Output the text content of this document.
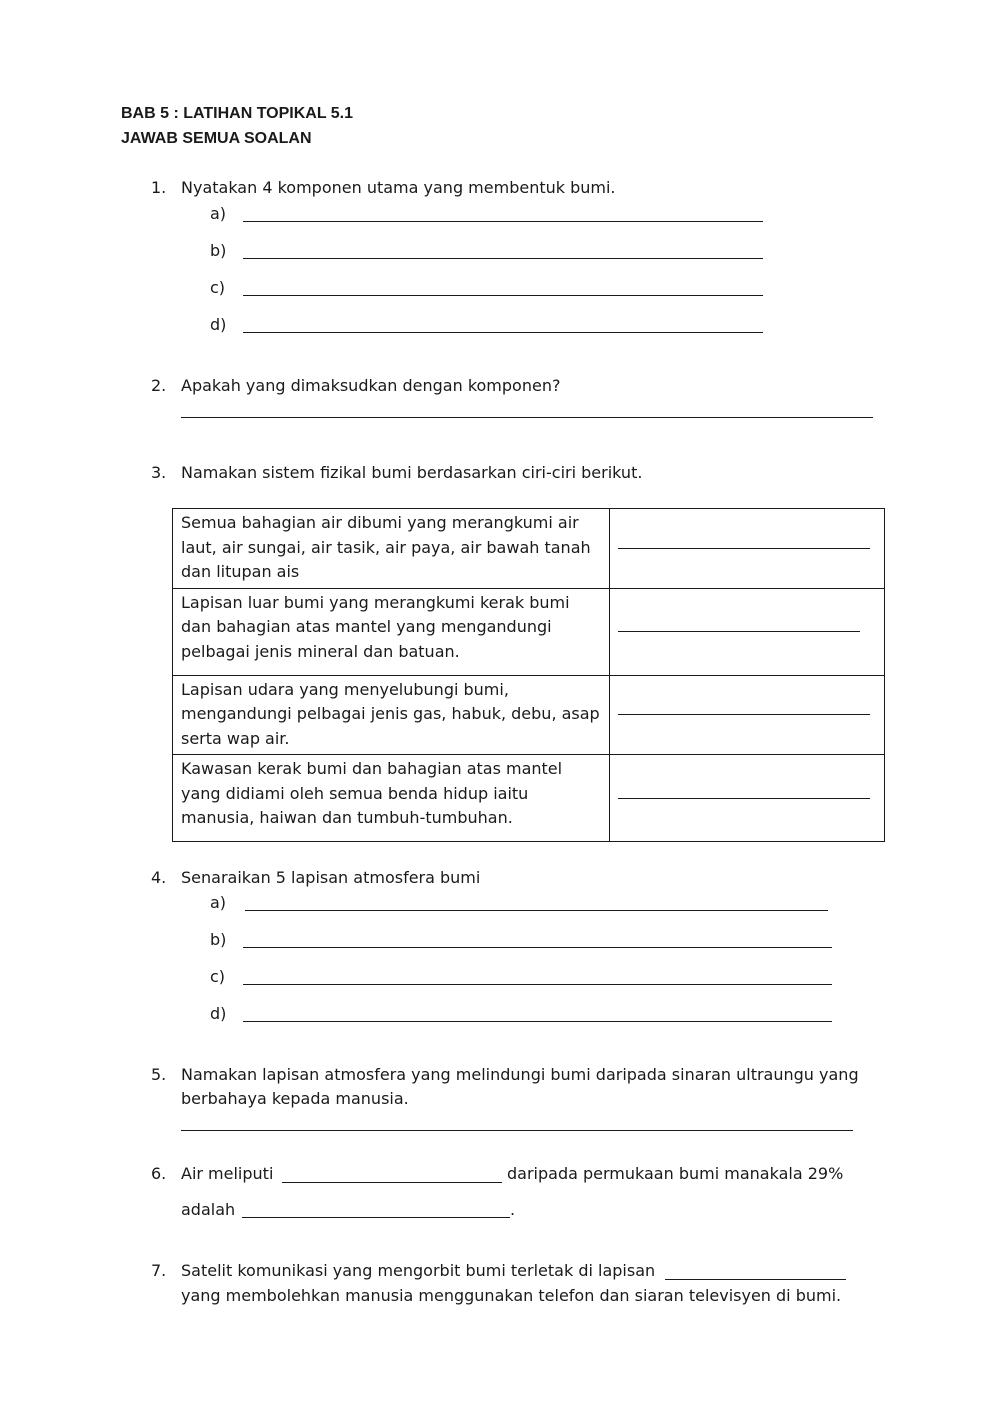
BAB 5 : LATIHAN TOPIKAL 5.1
JAWAB SEMUA SOALAN
1. Nyatakan 4 komponen utama yang membentuk bumi.
a)
b)
c)
d)
2. Apakah yang dimaksudkan dengan komponen?
3. Namakan sistem fizikal bumi berdasarkan ciri-ciri berikut.
Semua bahagian air dibumi yang merangkumi air laut, air sungai, air tasik, air paya, air bawah tanah dan litupan ais	

Lapisan luar bumi yang merangkumi kerak bumi dan bahagian atas mantel yang mengandungi pelbagai jenis mineral dan batuan.	

Lapisan udara yang menyelubungi bumi, mengandungi pelbagai jenis gas, habuk, debu, asap serta wap air.	

Kawasan kerak bumi dan bahagian atas mantel yang didiami oleh semua benda hidup iaitu manusia, haiwan dan tumbuh-tumbuhan.	
4. Senaraikan 5 lapisan atmosfera bumi
a)
b)
c)
d)
5. Namakan lapisan atmosfera yang melindungi bumi daripada sinaran ultraungu yang
berbahaya kepada manusia.
6. Air meliputi	daripada permukaan bumi manakala 29%
adalah	.
7. Satelit komunikasi yang mengorbit bumi terletak di lapisan
yang membolehkan manusia menggunakan telefon dan siaran televisyen di bumi.
